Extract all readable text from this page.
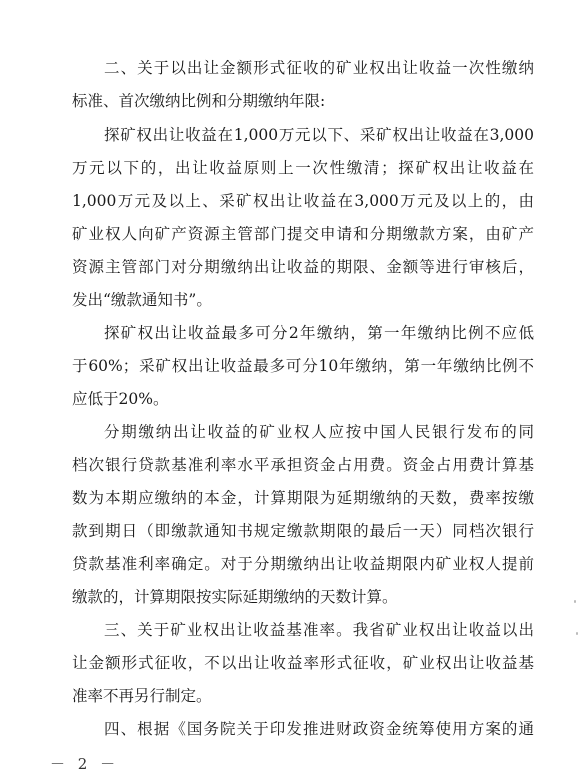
二、关于以出让金额形式征收的矿业权出让收益一次性缴纳
标准、首次缴纳比例和分期缴纳年限:
探矿权出让收益在1,000万元以下、采矿权出让收益在3,000
万元以下的，出让收益原则上一次性缴清；探矿权出让收益在
1,000万元及以上、采矿权出让收益在3,000万元及以上的，由
矿业权人向矿产资源主管部门提交申请和分期缴款方案，由矿产
资源主管部门对分期缴纳出让收益的期限、金额等进行审核后，
发出“缴款通知书”。
探矿权出让收益最多可分2年缴纳，第一年缴纳比例不应低
于60%；采矿权出让收益最多可分10年缴纳，第一年缴纳比例不
应低于20%。
分期缴纳出让收益的矿业权人应按中国人民银行发布的同
档次银行贷款基准利率水平承担资金占用费。资金占用费计算基
数为本期应缴纳的本金，计算期限为延期缴纳的天数，费率按缴
款到期日（即缴款通知书规定缴款期限的最后一天）同档次银行
贷款基准利率确定。对于分期缴纳出让收益期限内矿业权人提前
缴款的，计算期限按实际延期缴纳的天数计算。
三、关于矿业权出让收益基准率。我省矿业权出让收益以出
让金额形式征收，不以出让收益率形式征收，矿业权出让收益基
准率不再另行制定。
四、根据《国务院关于印发推进财政资金统筹使用方案的通
－ 2 －
